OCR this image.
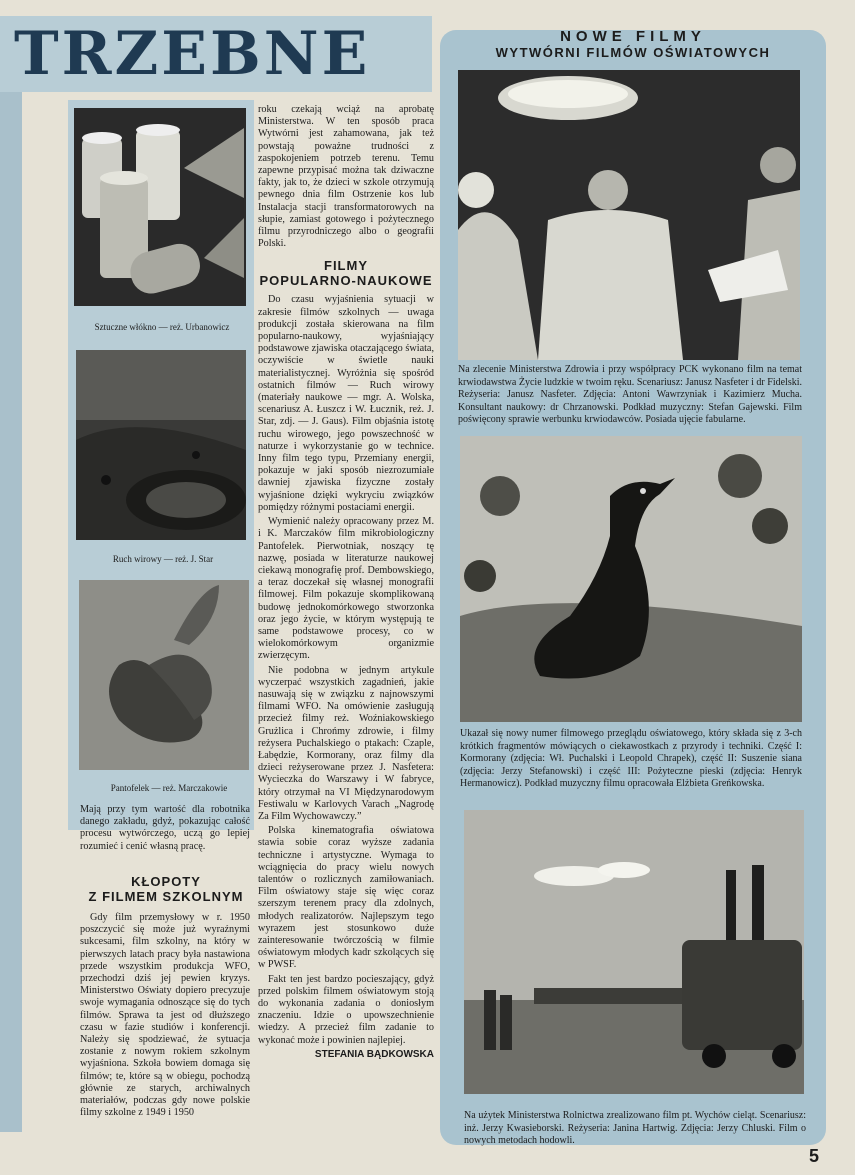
TRZEBNE
Sztuczne włókno — reż. Urbanowicz
Ruch wirowy — reż. J. Star
Pantofelek — reż. Marczakowie

Mają przy tym wartość dla robotnika danego zakładu, gdyż, pokazując całość procesu wytwórczego, uczą go lepiej rozumieć i cenić własną pracę.

KŁOPOTY
Z FILMEM SZKOLNYM

Gdy film przemysłowy w r. 1950 poszczycić się może już wyraźnymi sukcesami, film szkolny, na który w pierwszych latach pracy była nastawiona przede wszystkim produkcja WFO, przechodzi dziś jej pewien kryzys. Ministerstwo Oświaty dopiero precyzuje swoje wymagania odnoszące się do tych filmów. Sprawa ta jest od dłuższego czasu w fazie studiów i konferencji. Należy się spodziewać, że sytuacja zostanie z nowym rokiem szkolnym wyjaśniona. Szkoła bowiem domaga się filmów; te, które są w obiegu, pochodzą głównie ze starych, archiwalnych materiałów, podczas gdy nowe polskie filmy szkolne z 1949 i 1950

roku czekają wciąż na aprobatę Ministerstwa. W ten sposób praca Wytwórni jest zahamowana, jak też powstają poważne trudności z zaspokojeniem potrzeb terenu. Temu zapewne przypisać można tak dziwaczne fakty, jak to, że dzieci w szkole otrzymują pewnego dnia film Ostrzenie kos lub Instalacja stacji transformatorowych na słupie, zamiast gotowego i pożytecznego filmu przyrodniczego albo o geografii Polski.

FILMY
POPULARNO-NAUKOWE

Do czasu wyjaśnienia sytuacji w zakresie filmów szkolnych — uwaga produkcji została skierowana na film popularno-naukowy, wyjaśniający podstawowe zjawiska otaczającego świata, oczywiście w świetle nauki materialistycznej. Wyróżnia się spośród ostatnich filmów — Ruch wirowy (materiały naukowe — mgr. A. Wolska, scenariusz A. Łuszcz i W. Łucznik, reż. J. Star, zdj. — J. Gaus). Film objaśnia istotę ruchu wirowego, jego powszechność w naturze i wykorzystanie go w technice. Inny film tego typu, Przemiany energii, pokazuje w jaki sposób niezrozumiałe dawniej zjawiska fizyczne zostały wyjaśnione dzięki wykryciu związków pomiędzy różnymi postaciami energii.

Wymienić należy opracowany przez M. i K. Marczaków film mikrobiologiczny Pantofelek. Pierwotniak, noszący tę nazwę, posiada w literaturze naukowej ciekawą monografię prof. Dembowskiego, a teraz doczekał się własnej monografii filmowej. Film pokazuje skomplikowaną budowę jednokomórkowego stworzonka oraz jego życie, w którym występują te same podstawowe procesy, co w wielokomórkowym organizmie zwierzęcym.

Nie podobna w jednym artykule wyczerpać wszystkich zagadnień, jakie nasuwają się w związku z najnowszymi filmami WFO. Na omówienie zasługują przecież filmy reż. Woźniakowskiego Grużlica i Chrońmy zdrowie, i filmy reżysera Puchalskiego o ptakach: Czaple, Łabędzie, Kormorany, oraz filmy dla dzieci reżyserowane przez J. Nasfetera: Wycieczka do Warszawy i W fabryce, który otrzymał na VI Międzynarodowym Festiwalu w Karlovych Varach „Nagrodę Za Film Wychowawczy.”

Polska kinematografia oświatowa stawia sobie coraz wyższe zadania techniczne i artystyczne. Wymaga to wciągnięcia do pracy wielu nowych talentów o rozlicznych zamiłowaniach. Film oświatowy staje się więc coraz szerszym terenem pracy dla zdolnych, młodych realizatorów. Najlepszym tego wyrazem jest stosunkowo duże zainteresowanie twórczością w filmie oświatowym młodych kadr szkolących się w PWSF.

Fakt ten jest bardzo pocieszający, gdyż przed polskim filmem oświatowym stoją do wykonania zadania o doniosłym znaczeniu. Idzie o upowszechnienie wiedzy. A przecież film zadanie to wykonać może i powinien najlepiej.

STEFANIA BĄDKOWSKA
NOWE FILMY
WYTWÓRNI FILMÓW OŚWIATOWYCH
Na zlecenie Ministerstwa Zdrowia i przy współpracy PCK wykonano film na temat krwiodawstwa Życie ludzkie w twoim ręku. Scenariusz: Janusz Nasfeter i dr Fidelski. Reżyseria: Janusz Nasfeter. Zdjęcia: Antoni Wawrzyniak i Kazimierz Mucha. Konsultant naukowy: dr Chrzanowski. Podkład muzyczny: Stefan Gajewski. Film poświęcony sprawie werbunku krwiodawców. Posiada ujęcie fabularne.
Ukazał się nowy numer filmowego przeglądu oświatowego, który składa się z 3-ch krótkich fragmentów mówiących o ciekawostkach z przyrody i techniki. Część I: Kormorany (zdjęcia: Wł. Puchalski i Leopold Chrapek), część II: Suszenie siana (zdjęcia: Jerzy Stefanowski) i część III: Pożyteczne pieski (zdjęcia: Henryk Hermanowicz). Podkład muzyczny filmu opracowała Elżbieta Greńkowska.
Na użytek Ministerstwa Rolnictwa zrealizowano film pt. Wychów cieląt. Scenariusz: inż. Jerzy Kwasieborski. Reżyseria: Janina Hartwig. Zdjęcia: Jerzy Chluski. Film o nowych metodach hodowli.
5
